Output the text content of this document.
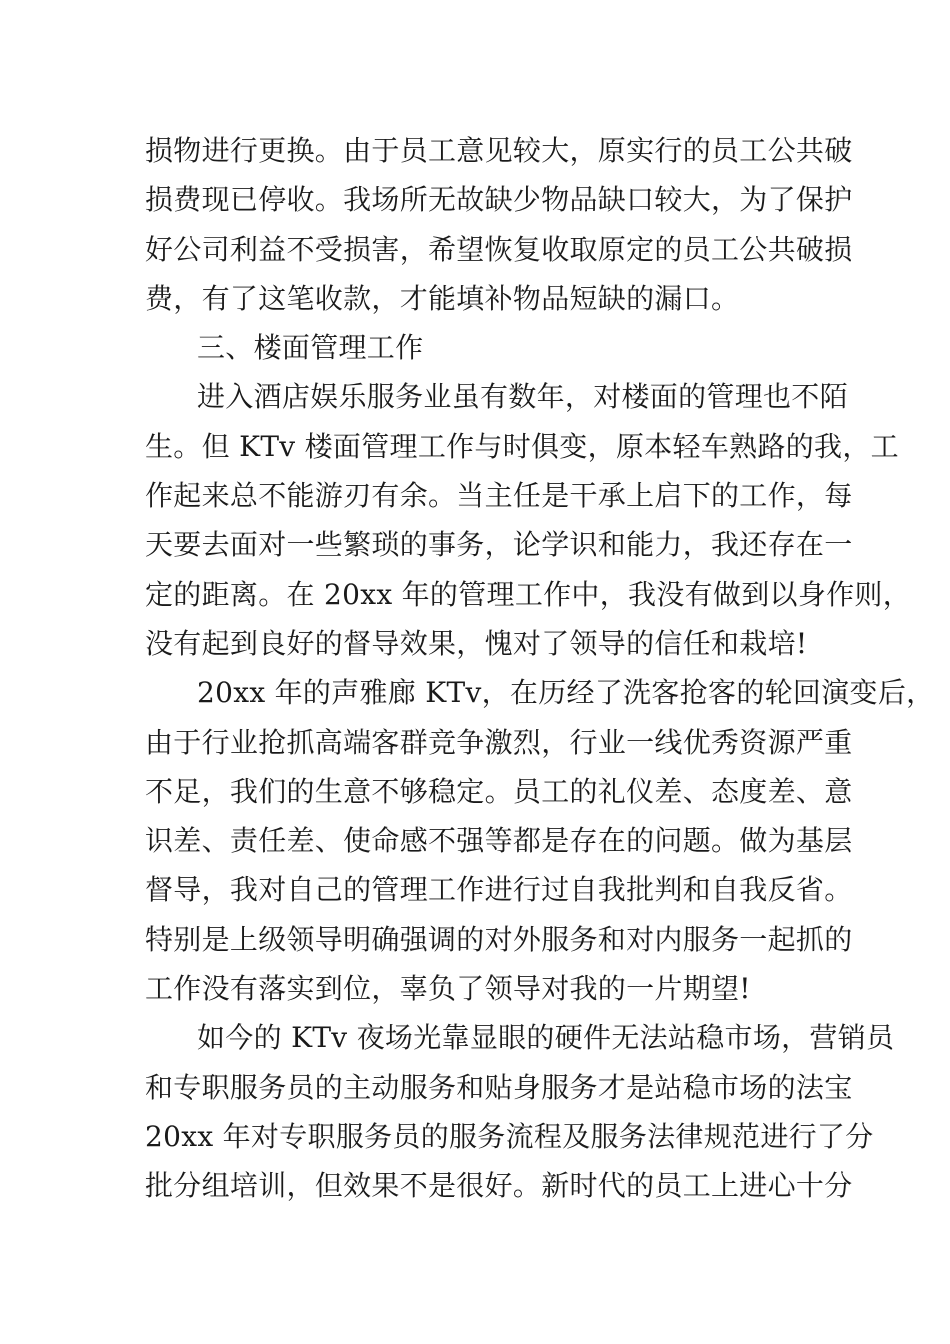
损物进行更换。由于员工意见较大，原实行的员工公共破
损费现已停收。我场所无故缺少物品缺口较大，为了保护
好公司利益不受损害，希望恢复收取原定的员工公共破损
费，有了这笔收款，才能填补物品短缺的漏口。
三、楼面管理工作
进入酒店娱乐服务业虽有数年，对楼面的管理也不陌
生。但 KTv 楼面管理工作与时俱变，原本轻车熟路的我，工
作起来总不能游刃有余。当主任是干承上启下的工作，每
天要去面对一些繁琐的事务，论学识和能力，我还存在一
定的距离。在 20xx 年的管理工作中，我没有做到以身作则，
没有起到良好的督导效果，愧对了领导的信任和栽培!
20xx 年的声雅廊 KTv，在历经了洗客抢客的轮回演变后，
由于行业抢抓高端客群竞争激烈，行业一线优秀资源严重
不足，我们的生意不够稳定。员工的礼仪差、态度差、意
识差、责任差、使命感不强等都是存在的问题。做为基层
督导，我对自己的管理工作进行过自我批判和自我反省。
特别是上级领导明确强调的对外服务和对内服务一起抓的
工作没有落实到位，辜负了领导对我的一片期望!
如今的 KTv 夜场光靠显眼的硬件无法站稳市场，营销员
和专职服务员的主动服务和贴身服务才是站稳市场的法宝
20xx 年对专职服务员的服务流程及服务法律规范进行了分
批分组培训，但效果不是很好。新时代的员工上进心十分
